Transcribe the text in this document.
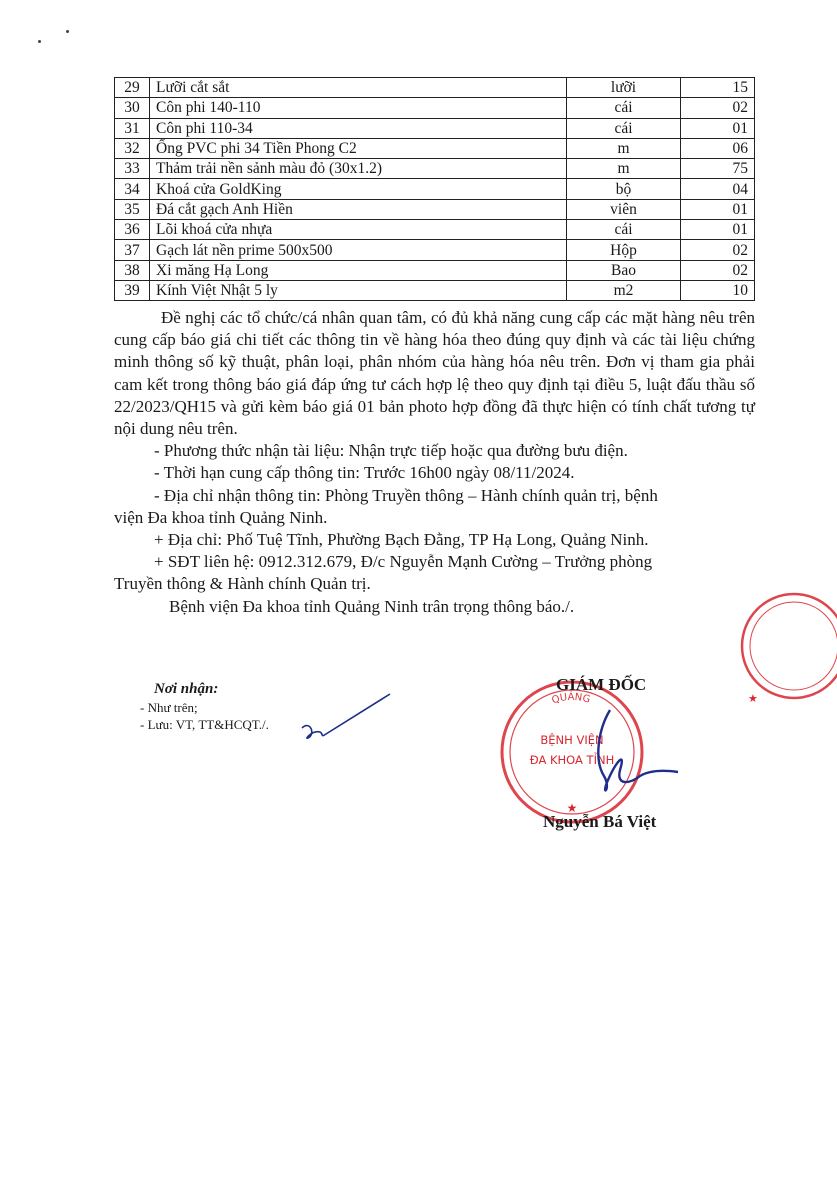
29	Lưỡi cắt sắt	lưỡi	15
30	Côn phi 140-110	cái	02
31	Côn phi 110-34	cái	01
32	Ống PVC phi 34 Tiền Phong C2	m	06
33	Thảm trải nền sảnh màu đỏ (30x1.2)	m	75
34	Khoá cửa GoldKing	bộ	04
35	Đá cắt gạch Anh Hiền	viên	01
36	Lõi khoá cửa nhựa	cái	01
37	Gạch lát nền prime 500x500	Hộp	02
38	Xi măng Hạ Long	Bao	02
39	Kính Việt Nhật 5 ly	m2	10

Đề nghị các tổ chức/cá nhân quan tâm, có đủ khả năng cung cấp các mặt hàng nêu trên cung cấp báo giá chi tiết các thông tin về hàng hóa theo đúng quy định và các tài liệu chứng minh thông số kỹ thuật, phân loại, phân nhóm của hàng hóa nêu trên. Đơn vị tham gia phải cam kết trong thông báo giá đáp ứng tư cách hợp lệ theo quy định tại điều 5, luật đấu thầu số 22/2023/QH15 và gửi kèm báo giá 01 bản photo hợp đồng đã thực hiện có tính chất tương tự nội dung nêu trên.

- Phương thức nhận tài liệu: Nhận trực tiếp hoặc qua đường bưu điện.

- Thời hạn cung cấp thông tin: Trước 16h00 ngày 08/11/2024.

- Địa chỉ nhận thông tin: Phòng Truyền thông – Hành chính quản trị, bệnh

viện Đa khoa tỉnh Quảng Ninh.

+ Địa chỉ: Phố Tuệ Tĩnh, Phường Bạch Đằng, TP Hạ Long, Quảng Ninh.

+ SĐT liên hệ: 0912.312.679, Đ/c Nguyễn Mạnh Cường – Trưởng phòng

Truyền thông & Hành chính Quản trị.

Bệnh viện Đa khoa tỉnh Quảng Ninh trân trọng thông báo./.

Nơi nhận:
- Như trên;
- Lưu: VT, TT&HCQT./.
QUẢNG
BỆNH VIỆN
ĐA KHOA TỈNH
★
★
GIÁM ĐỐC
Nguyễn Bá Việt
